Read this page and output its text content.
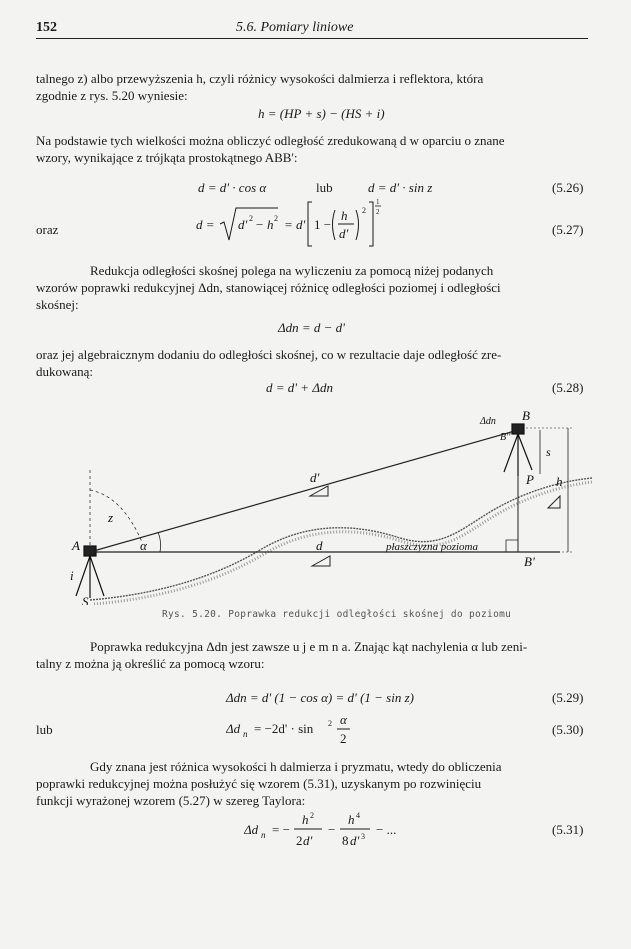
152	5.6. Pomiary liniowe
talnego z) albo przewyższenia h, czyli różnicy wysokości dalmierza i reflektora, która
zgodnie z rys. 5.20 wyniesie:
h = (HP + s) − (HS + i)
Na podstawie tych wielkości można obliczyć odległość zredukowaną d w oparciu o znane
wzory, wynikające z trójkąta prostokątnego ABB':
d = d' · cos α	lub	d = d' · sin z	(5.26)
oraz	d = d' 2 − h 2 = d' 1 −
h
d'
2
1
2
(5.27)
Redukcja odległości skośnej polega na wyliczeniu za pomocą niżej podanych
wzorów poprawki redukcyjnej Δdn, stanowiącej różnicę odległości poziomej i odległości
skośnej:
Δdn = d − d'
oraz jej algebraicznym dodaniu do odległości skośnej, co w rezultacie daje odległość zre-
dukowaną:
d = d' + Δdn	(5.28)
A
S
i
z
α
d'
d
Δdn B
B''
s
P h
B'
płaszczyzna pozioma
Rys. 5.20. Poprawka redukcji odległości skośnej do poziomu
Poprawka redukcyjna Δdn jest zawsze u j e m n a. Znając kąt nachylenia α lub zeni-
talny z można ją określić za pomocą wzoru:
Δdn = d' (1 − cos α) = d' (1 − sin z)	(5.29)
lub	Δd n = −2d' · sin 2 α
2
(5.30)
Gdy znana jest różnica wysokości h dalmierza i pryzmatu, wtedy do obliczenia
poprawki redukcyjnej można posłużyć się wzorem (5.31), uzyskanym po rozwinięciu
funkcji wyrażonej wzorem (5.27) w szereg Taylora:
Δd n = −
h 2
2 d'
−
h 4
8 d' 3 − ...	(5.31)
